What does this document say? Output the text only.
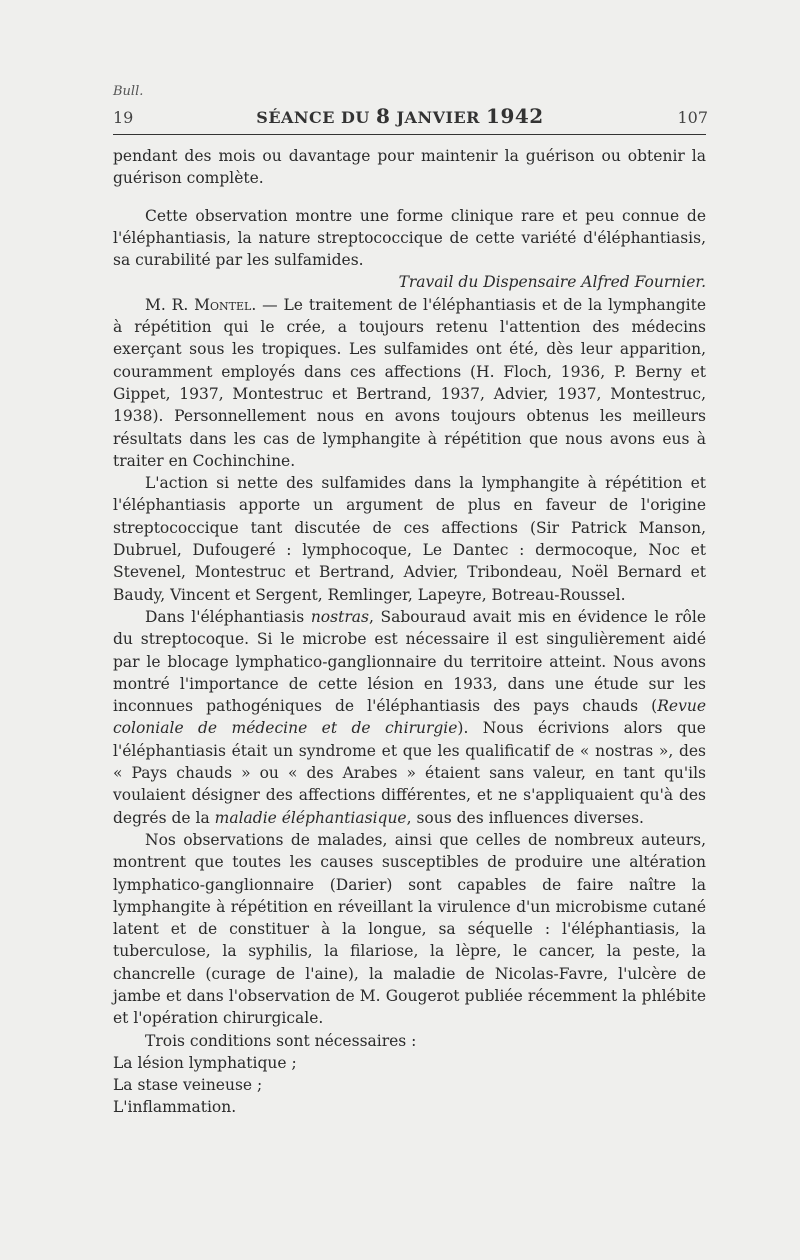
Bull.
19	SÉANCE DU 8 JANVIER 1942	107

pendant des mois ou davantage pour maintenir la guérison ou obtenir la guérison complète.

Cette observation montre une forme clinique rare et peu connue de l'éléphantiasis, la nature streptococcique de cette variété d'éléphantiasis, sa curabilité par les sulfamides.

Travail du Dispensaire Alfred Fournier.

M. R. Montel. — Le traitement de l'éléphantiasis et de la lymphangite à répétition qui le crée, a toujours retenu l'attention des médecins exerçant sous les tropiques. Les sulfamides ont été, dès leur apparition, couramment employés dans ces affections (H. Floch, 1936, P. Berny et Gippet, 1937, Montestruc et Bertrand, 1937, Advier, 1937, Montestruc, 1938). Personnellement nous en avons toujours obtenus les meilleurs résultats dans les cas de lymphangite à répétition que nous avons eus à traiter en Cochinchine.

L'action si nette des sulfamides dans la lymphangite à répétition et l'éléphantiasis apporte un argument de plus en faveur de l'origine streptococcique tant discutée de ces affections (Sir Patrick Manson, Dubruel, Dufougeré : lymphocoque, Le Dantec : dermocoque, Noc et Stevenel, Montestruc et Bertrand, Advier, Tribondeau, Noël Bernard et Baudy, Vincent et Sergent, Remlinger, Lapeyre, Botreau-Roussel.

Dans l'éléphantiasis nostras, Sabouraud avait mis en évidence le rôle du streptocoque. Si le microbe est nécessaire il est singulièrement aidé par le blocage lymphatico-ganglionnaire du territoire atteint. Nous avons montré l'importance de cette lésion en 1933, dans une étude sur les inconnues pathogéniques de l'éléphantiasis des pays chauds (Revue coloniale de médecine et de chirurgie). Nous écrivions alors que l'éléphantiasis était un syndrome et que les qualificatif de « nostras », des « Pays chauds » ou « des Arabes » étaient sans valeur, en tant qu'ils voulaient désigner des affections différentes, et ne s'appliquaient qu'à des degrés de la maladie éléphantiasique, sous des influences diverses.

Nos observations de malades, ainsi que celles de nombreux auteurs, montrent que toutes les causes susceptibles de produire une altération lymphatico-ganglionnaire (Darier) sont capables de faire naître la lymphangite à répétition en réveillant la virulence d'un microbisme cutané latent et de constituer à la longue, sa séquelle : l'éléphantiasis, la tuberculose, la syphilis, la filariose, la lèpre, le cancer, la peste, la chancrelle (curage de l'aine), la maladie de Nicolas-Favre, l'ulcère de jambe et dans l'observation de M. Gougerot publiée récemment la phlébite et l'opération chirurgicale.

Trois conditions sont nécessaires :

La lésion lymphatique ;

La stase veineuse ;

L'inflammation.
